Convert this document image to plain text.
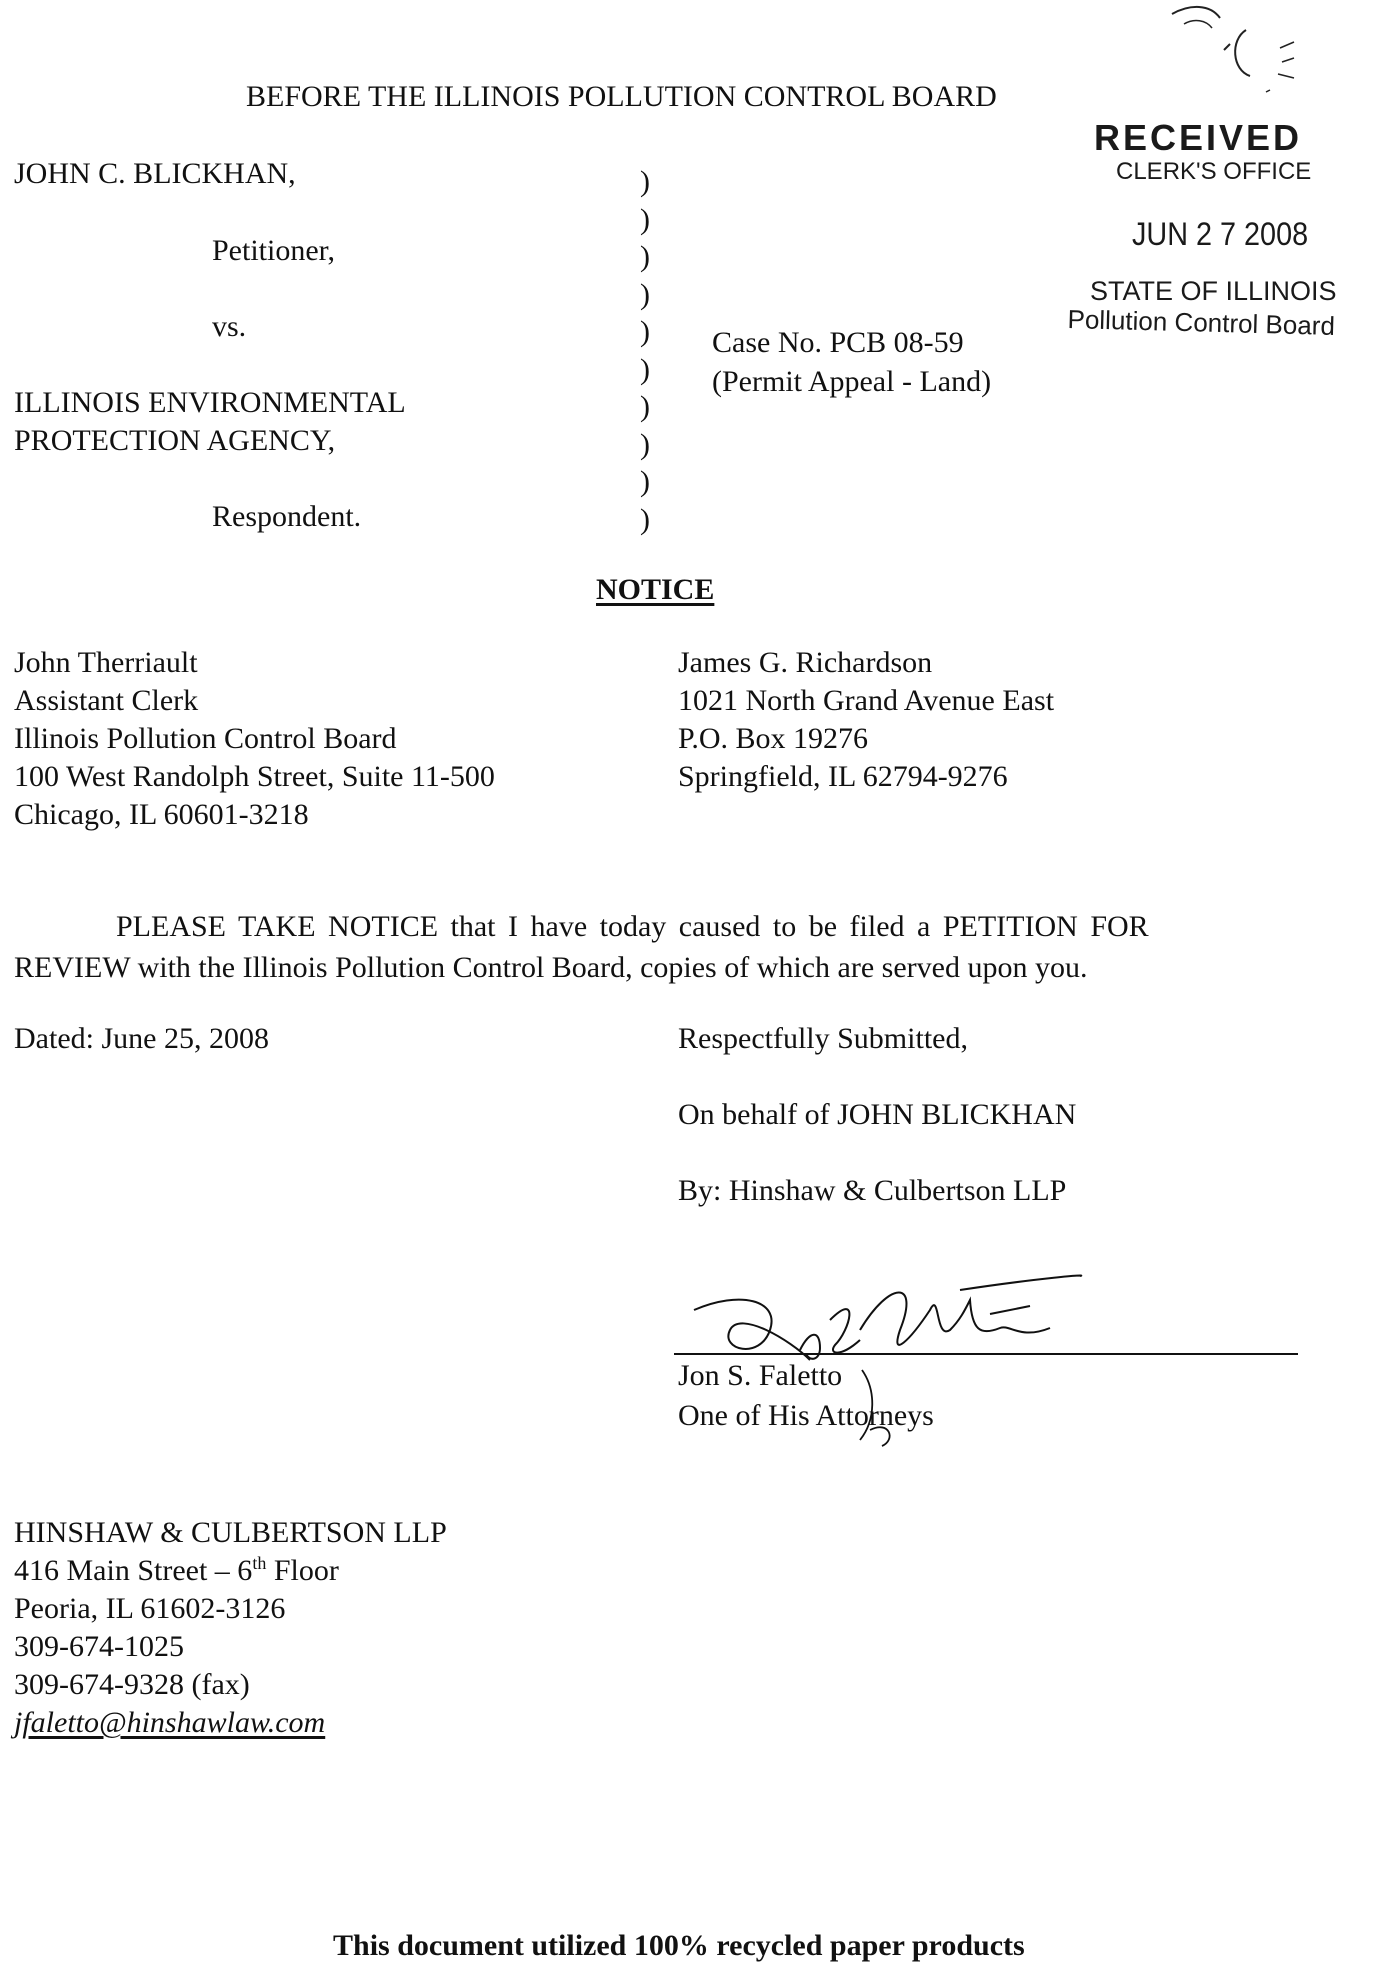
RECEIVED
CLERK'S OFFICE
JUN 2 7 2008
STATE OF ILLINOIS
Pollution Control Board
BEFORE THE ILLINOIS POLLUTION CONTROL BOARD
JOHN C. BLICKHAN,
Petitioner,
vs.
ILLINOIS ENVIRONMENTAL
PROTECTION AGENCY,
Respondent.
)
)
)
)
)
)
)
)
)
)
Case No. PCB 08-59
(Permit Appeal - Land)
NOTICE
John Therriault
Assistant Clerk
Illinois Pollution Control Board
100 West Randolph Street, Suite 11-500
Chicago, IL 60601-3218
James G. Richardson
1021 North Grand Avenue East
P.O. Box 19276
Springfield, IL 62794-9276
PLEASE TAKE NOTICE that I have today caused to be filed a PETITION FOR
REVIEW with the Illinois Pollution Control Board, copies of which are served upon you.
Dated: June 25, 2008	Respectfully Submitted,
On behalf of JOHN BLICKHAN
By: Hinshaw & Culbertson LLP
Jon S. Faletto
One of His Attorneys
HINSHAW & CULBERTSON LLP
416 Main Street – 6th Floor
Peoria, IL 61602-3126
309-674-1025
309-674-9328 (fax)
jfaletto@hinshawlaw.com
This document utilized 100% recycled paper products
